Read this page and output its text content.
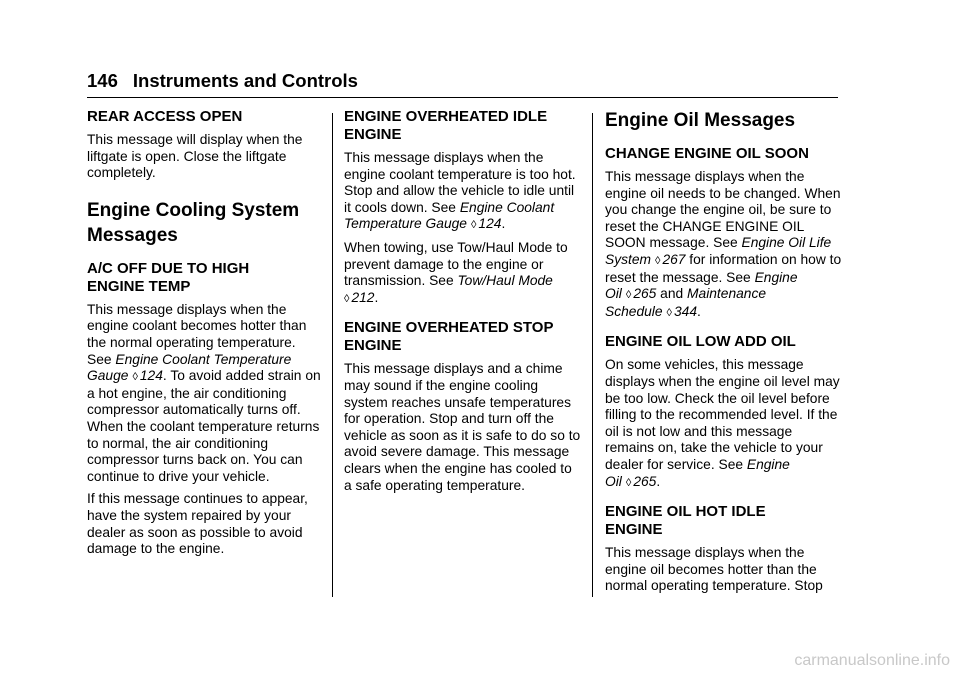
146 Instruments and Controls
REAR ACCESS OPEN

This message will display when the liftgate is open. Close the liftgate completely.

Engine Cooling System
Messages
A/C OFF DUE TO HIGH
ENGINE TEMP

This message displays when the engine coolant becomes hotter than the normal operating temperature. See Engine Coolant Temperature Gauge ◊ 124. To avoid added strain on a hot engine, the air conditioning compressor automatically turns off. When the coolant temperature returns to normal, the air conditioning compressor turns back on. You can continue to drive your vehicle.

If this message continues to appear, have the system repaired by your dealer as soon as possible to avoid damage to the engine.

ENGINE OVERHEATED IDLE
ENGINE

This message displays when the engine coolant temperature is too hot. Stop and allow the vehicle to idle until it cools down. See Engine Coolant Temperature Gauge ◊ 124.

When towing, use Tow/Haul Mode to prevent damage to the engine or transmission. See Tow/Haul Mode
◊ 212.

ENGINE OVERHEATED STOP
ENGINE

This message displays and a chime may sound if the engine cooling system reaches unsafe temperatures for operation. Stop and turn off the vehicle as soon as it is safe to do so to avoid severe damage. This message clears when the engine has cooled to a safe operating temperature.

Engine Oil Messages
CHANGE ENGINE OIL SOON

This message displays when the engine oil needs to be changed. When you change the engine oil, be sure to reset the CHANGE ENGINE OIL SOON message. See Engine Oil Life System ◊ 267 for information on how to reset the message. See Engine Oil ◊ 265 and Maintenance Schedule ◊ 344.

ENGINE OIL LOW ADD OIL

On some vehicles, this message displays when the engine oil level may be too low. Check the oil level before filling to the recommended level. If the oil is not low and this message remains on, take the vehicle to your dealer for service. See Engine Oil ◊ 265.

ENGINE OIL HOT IDLE
ENGINE

This message displays when the engine oil becomes hotter than the normal operating temperature. Stop

carmanualsonline.info
